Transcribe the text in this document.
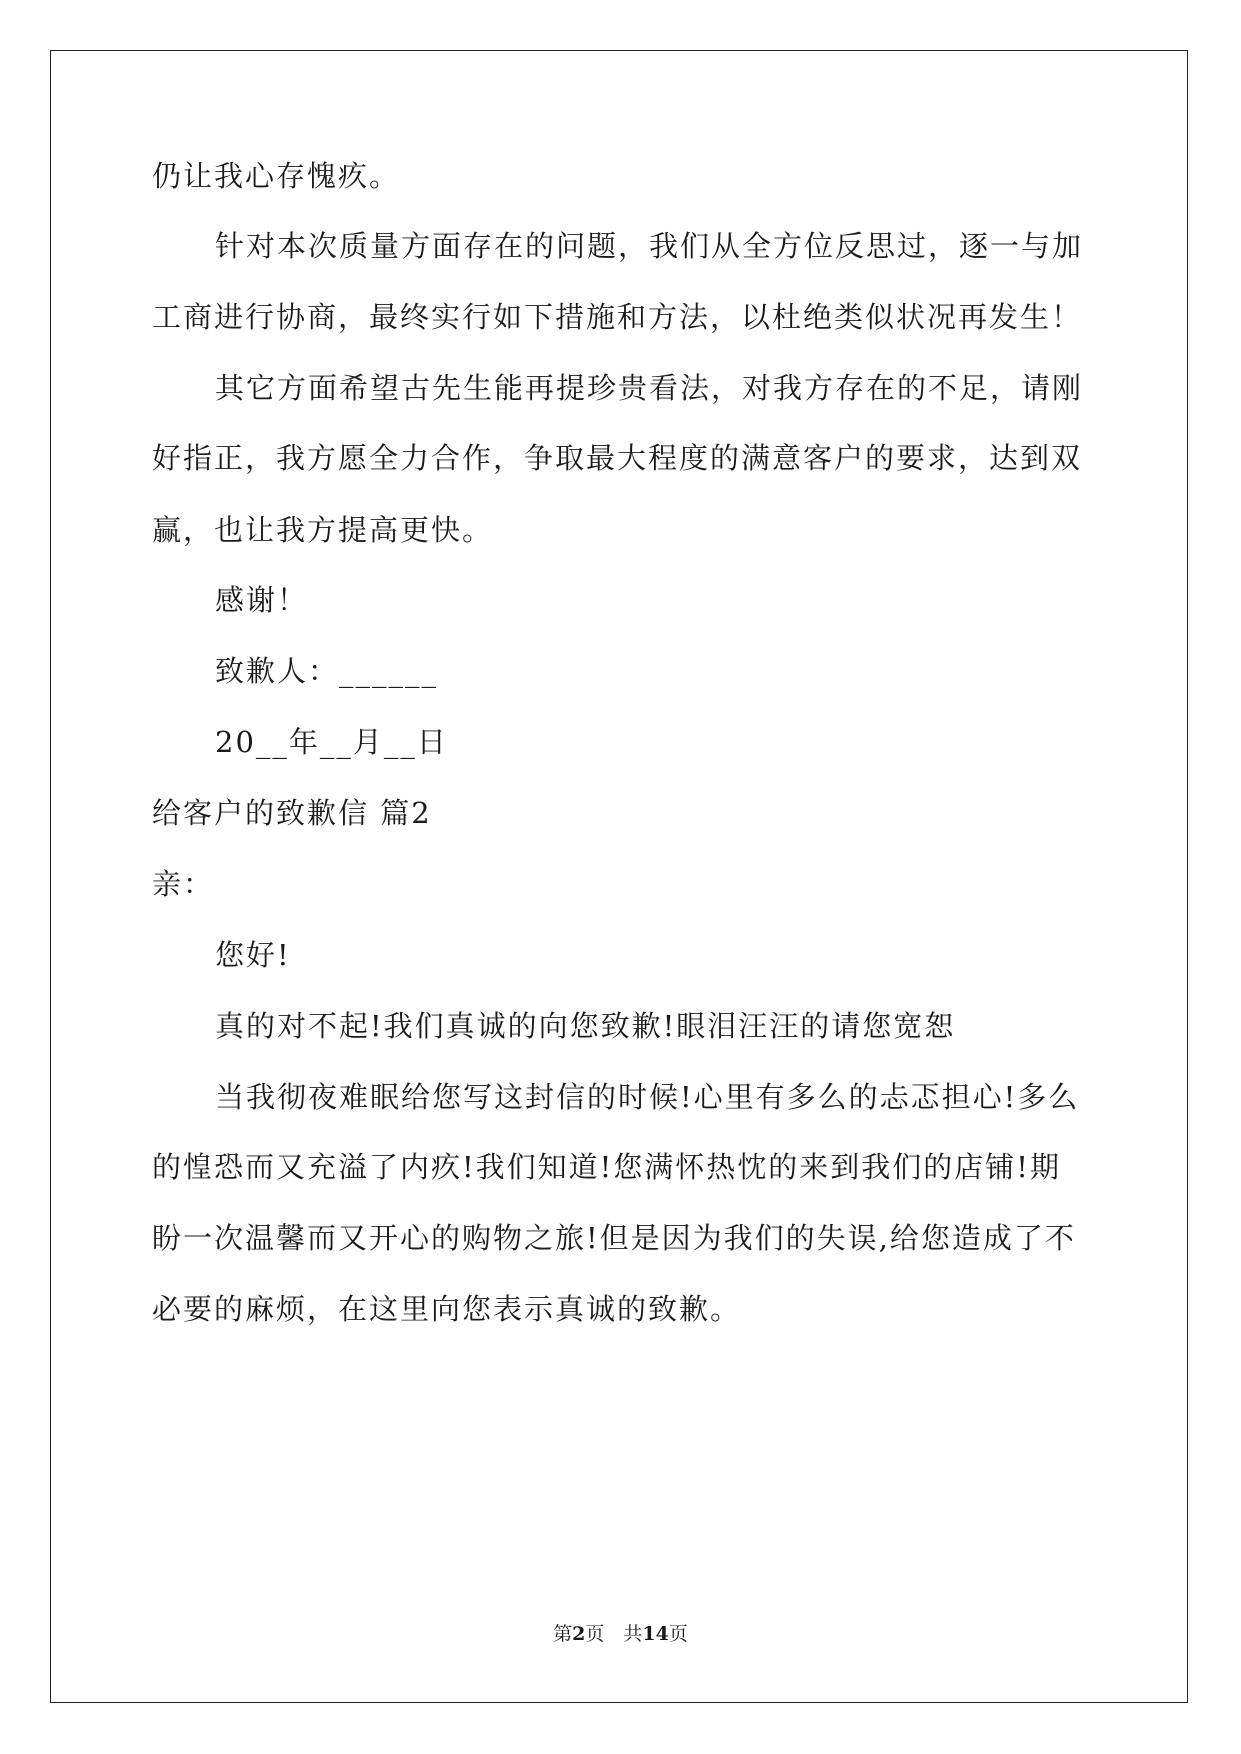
仍让我心存愧疚。
针对本次质量方面存在的问题，我们从全方位反思过，逐一与加
工商进行协商，最终实行如下措施和方法，以杜绝类似状况再发生！
其它方面希望古先生能再提珍贵看法，对我方存在的不足，请刚
好指正，我方愿全力合作，争取最大程度的满意客户的要求，达到双
赢，也让我方提高更快。
感谢！
致歉人：______
20__年__月__日
给客户的致歉信 篇2
亲：
您好!
真的对不起!我们真诚的向您致歉!眼泪汪汪的请您宽恕
当我彻夜难眠给您写这封信的时候!心里有多么的忐忑担心!多么
的惶恐而又充溢了内疚!我们知道!您满怀热忱的来到我们的店铺!期
盼一次温馨而又开心的购物之旅!但是因为我们的失误,给您造成了不
必要的麻烦，在这里向您表示真诚的致歉。
第2页　共14页
